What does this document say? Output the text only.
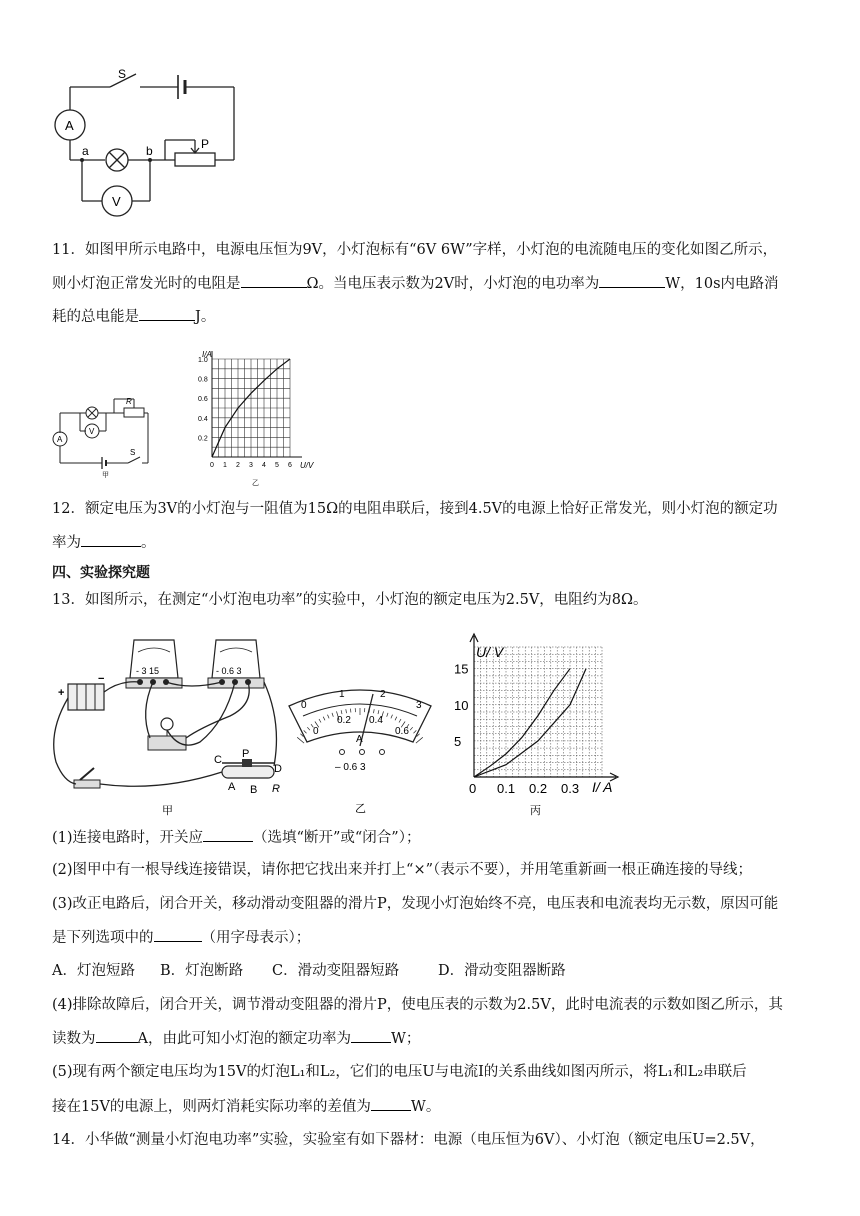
S
A
a	b	P
V
11．如图甲所示电路中，电源电压恒为9V，小灯泡标有“6V 6W”字样，小灯泡的电流随电压的变化如图乙所示，
则小灯泡正常发光时的电阻是	Ω。当电压表示数为2V时，小灯泡的电功率为	W，10s内电路消
耗的总电能是	J。
R
A
V
S
甲
0.2
0.4
0.6
0.8
1.0
0 1 2 3 4 5 6
I/A
U/V
乙
12．额定电压为3V的小灯泡与一阻值为15Ω的电阻串联后，接到4.5V的电源上恰好正常发光，则小灯泡的额定功
率为	。
四、实验探究题
13．如图所示，在测定“小灯泡电功率”的实验中，小灯泡的额定电压为2.5V，电阻约为8Ω。
- 3 15	- 0.6 3
+
−
C P
D
A B R
甲
0
1	2
3
0
0.2 0.4
0.6
A
– 0.6 3
乙
5
10
15
0 0.1 0.2 0.3
U/ V
I/ A
丙
(1)连接电路时，开关应	（选填“断开”或“闭合”）；
(2)图甲中有一根导线连接错误，请你把它找出来并打上“×”（表示不要），并用笔重新画一根正确连接的导线；
(3)改正电路后，闭合开关，移动滑动变阻器的滑片P，发现小灯泡始终不亮，电压表和电流表均无示数，原因可能
是下列选项中的	（用字母表示）；
A．灯泡短路 B．灯泡断路 C．滑动变阻器短路	D．滑动变阻器断路
(4)排除故障后，闭合开关，调节滑动变阻器的滑片P，使电压表的示数为2.5V，此时电流表的示数如图乙所示，其
读数为	A，由此可知小灯泡的额定功率为	W；
(5)现有两个额定电压均为15V的灯泡L₁和L₂，它们的电压U与电流I的关系曲线如图丙所示，将L₁和L₂串联后
接在15V的电源上，则两灯消耗实际功率的差值为	W。
14．小华做“测量小灯泡电功率”实验，实验室有如下器材：电源（电压恒为6V）、小灯泡（额定电压U=2.5V，
